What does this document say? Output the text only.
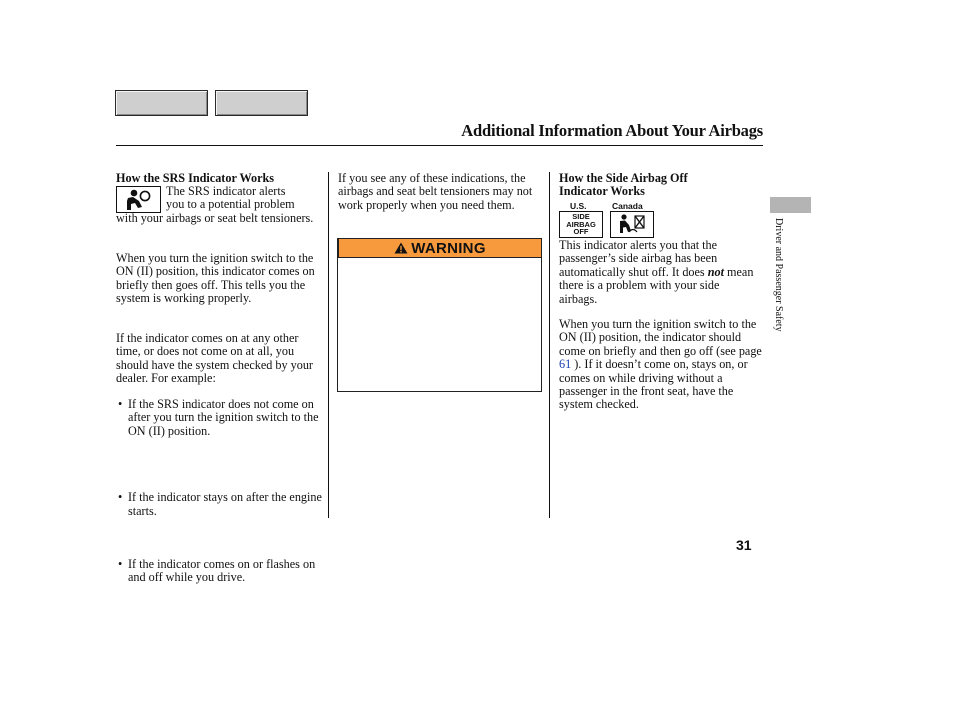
Additional Information About Your Airbags
How the SRS Indicator Works

The SRS indicator alerts

you to a potential problem

with your airbags or seat belt tensioners.
When you turn the ignition switch to the ON (II) position, this indicator comes on briefly then goes off. This tells you the system is working properly.
If the indicator comes on at any other time, or does not come on at all, you should have the system checked by your dealer. For example:
• If the SRS indicator does not come on after you turn the ignition switch to the ON (II) position.
• If the indicator stays on after the engine starts.
• If the indicator comes on or flashes on and off while you drive.
If you see any of these indications, the airbags and seat belt tensioners may not work properly when you need them.
WARNING

How the Side Airbag Off

Indicator Works

U.S.	Canada
SIDE
AIRBAG
OFF
This indicator alerts you that the passenger’s side airbag has been automatically shut off. It does not mean there is a problem with your side airbags.
When you turn the ignition switch to the ON (II) position, the indicator should come on briefly and then go off (see page 61 ). If it doesn’t come on, stays on, or comes on while driving without a passenger in the front seat, have the system checked.
Driver and Passenger Safety
31
